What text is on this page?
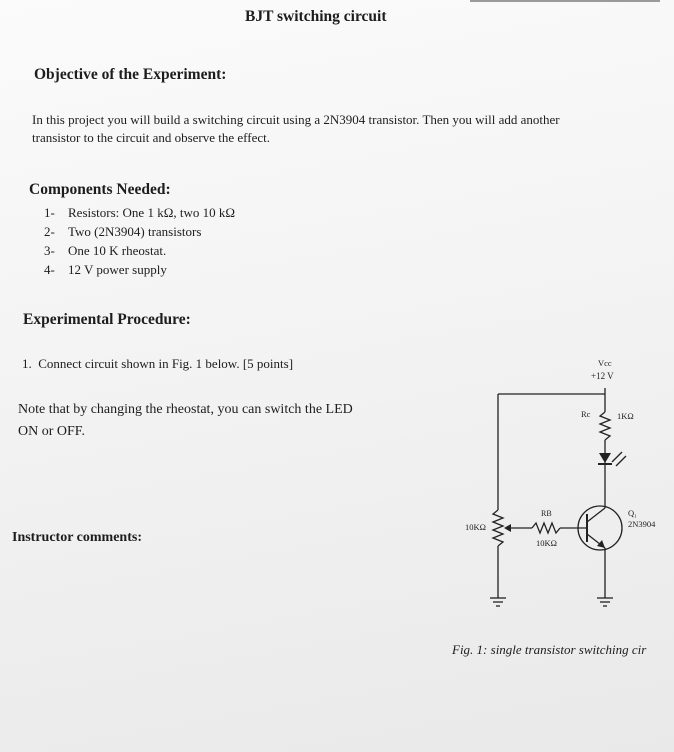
BJT switching circuit
Objective of the Experiment:
In this project you will build a switching circuit using a 2N3904 transistor. Then you will add another
transistor to the circuit and observe the effect.
Components Needed:
1- Resistors: One 1 kΩ, two 10 kΩ
2- Two (2N3904) transistors
3- One 10 K rheostat.
4- 12 V power supply
Experimental Procedure:
1.  Connect circuit shown in Fig. 1 below. [5 points]
Note that by changing the rheostat, you can switch the LED
ON or OFF.
Instructor comments:
Vcc
+12 V
Rc	1KΩ
Q₁
2N3904
RB
10KΩ
10KΩ
Fig. 1: single transistor switching cir
